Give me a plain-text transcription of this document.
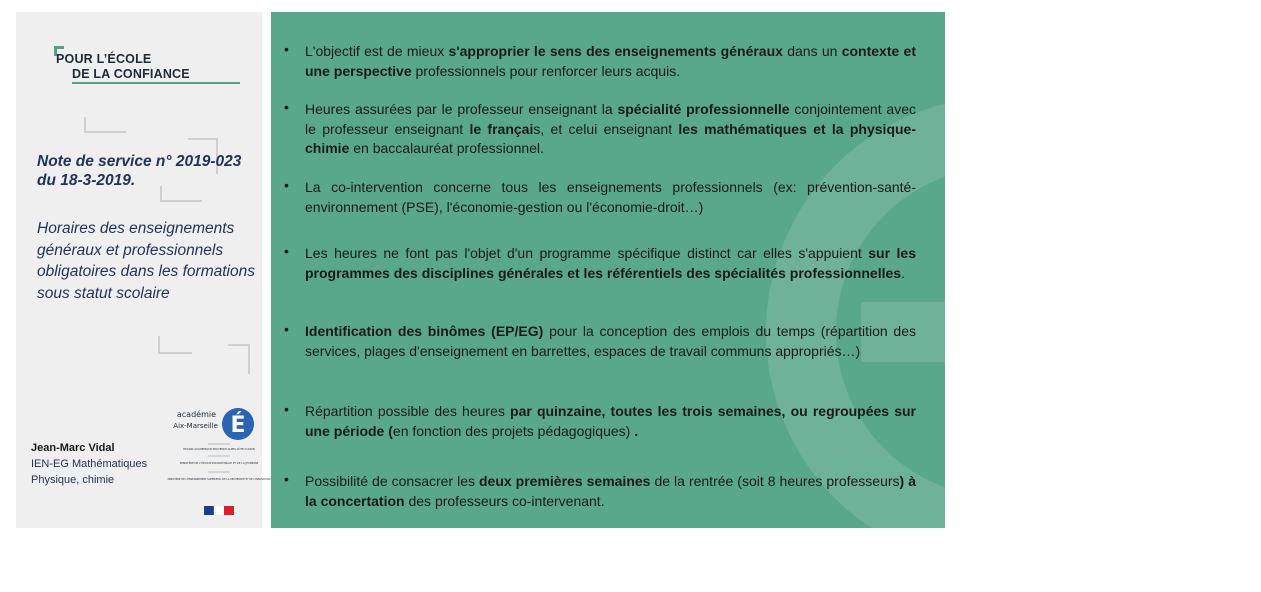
POUR L’ÉCOLE
DE LA CONFIANCE
Note de service n° 2019-023 du 18-3-2019.
Horaires des enseignements généraux et professionnels obligatoires dans les formations sous statut scolaire
Jean-Marc Vidal
IEN-EG Mathématiques
Physique, chimie
É
académie
Aix-Marseille
RÉGION ACADÉMIQUE PROVENCE-ALPES-CÔTE D’AZUR
MINISTÈRE DE L’ÉDUCATION NATIONALE ET DE LA JEUNESSE
MINISTÈRE DE L’ENSEIGNEMENT SUPÉRIEUR, DE LA RECHERCHE ET DE L’INNOVATION
• L'objectif est de mieux s'approprier le sens des enseignements généraux dans un contexte et une perspective professionnels pour renforcer leurs acquis.
• Heures assurées par le professeur enseignant la spécialité professionnelle conjointement avec le professeur enseignant le français, et celui enseignant les mathématiques et la physique-chimie en baccalauréat professionnel.
• La co-intervention concerne tous les enseignements professionnels (ex: prévention-santé-environnement (PSE), l'économie-gestion ou l'économie-droit…)
• Les heures ne font pas l'objet d'un programme spécifique distinct car elles s'appuient sur les programmes des disciplines générales et les référentiels des spécialités professionnelles.
• Identification des binômes (EP/EG) pour la conception des emplois du temps (répartition des services, plages d'enseignement en barrettes, espaces de travail communs appropriés…)
• Répartition possible des heures par quinzaine, toutes les trois semaines, ou regroupées sur une période (en fonction des projets pédagogiques) .
• Possibilité de consacrer les deux premières semaines de la rentrée (soit 8 heures professeurs) à la concertation des professeurs co-intervenant.
